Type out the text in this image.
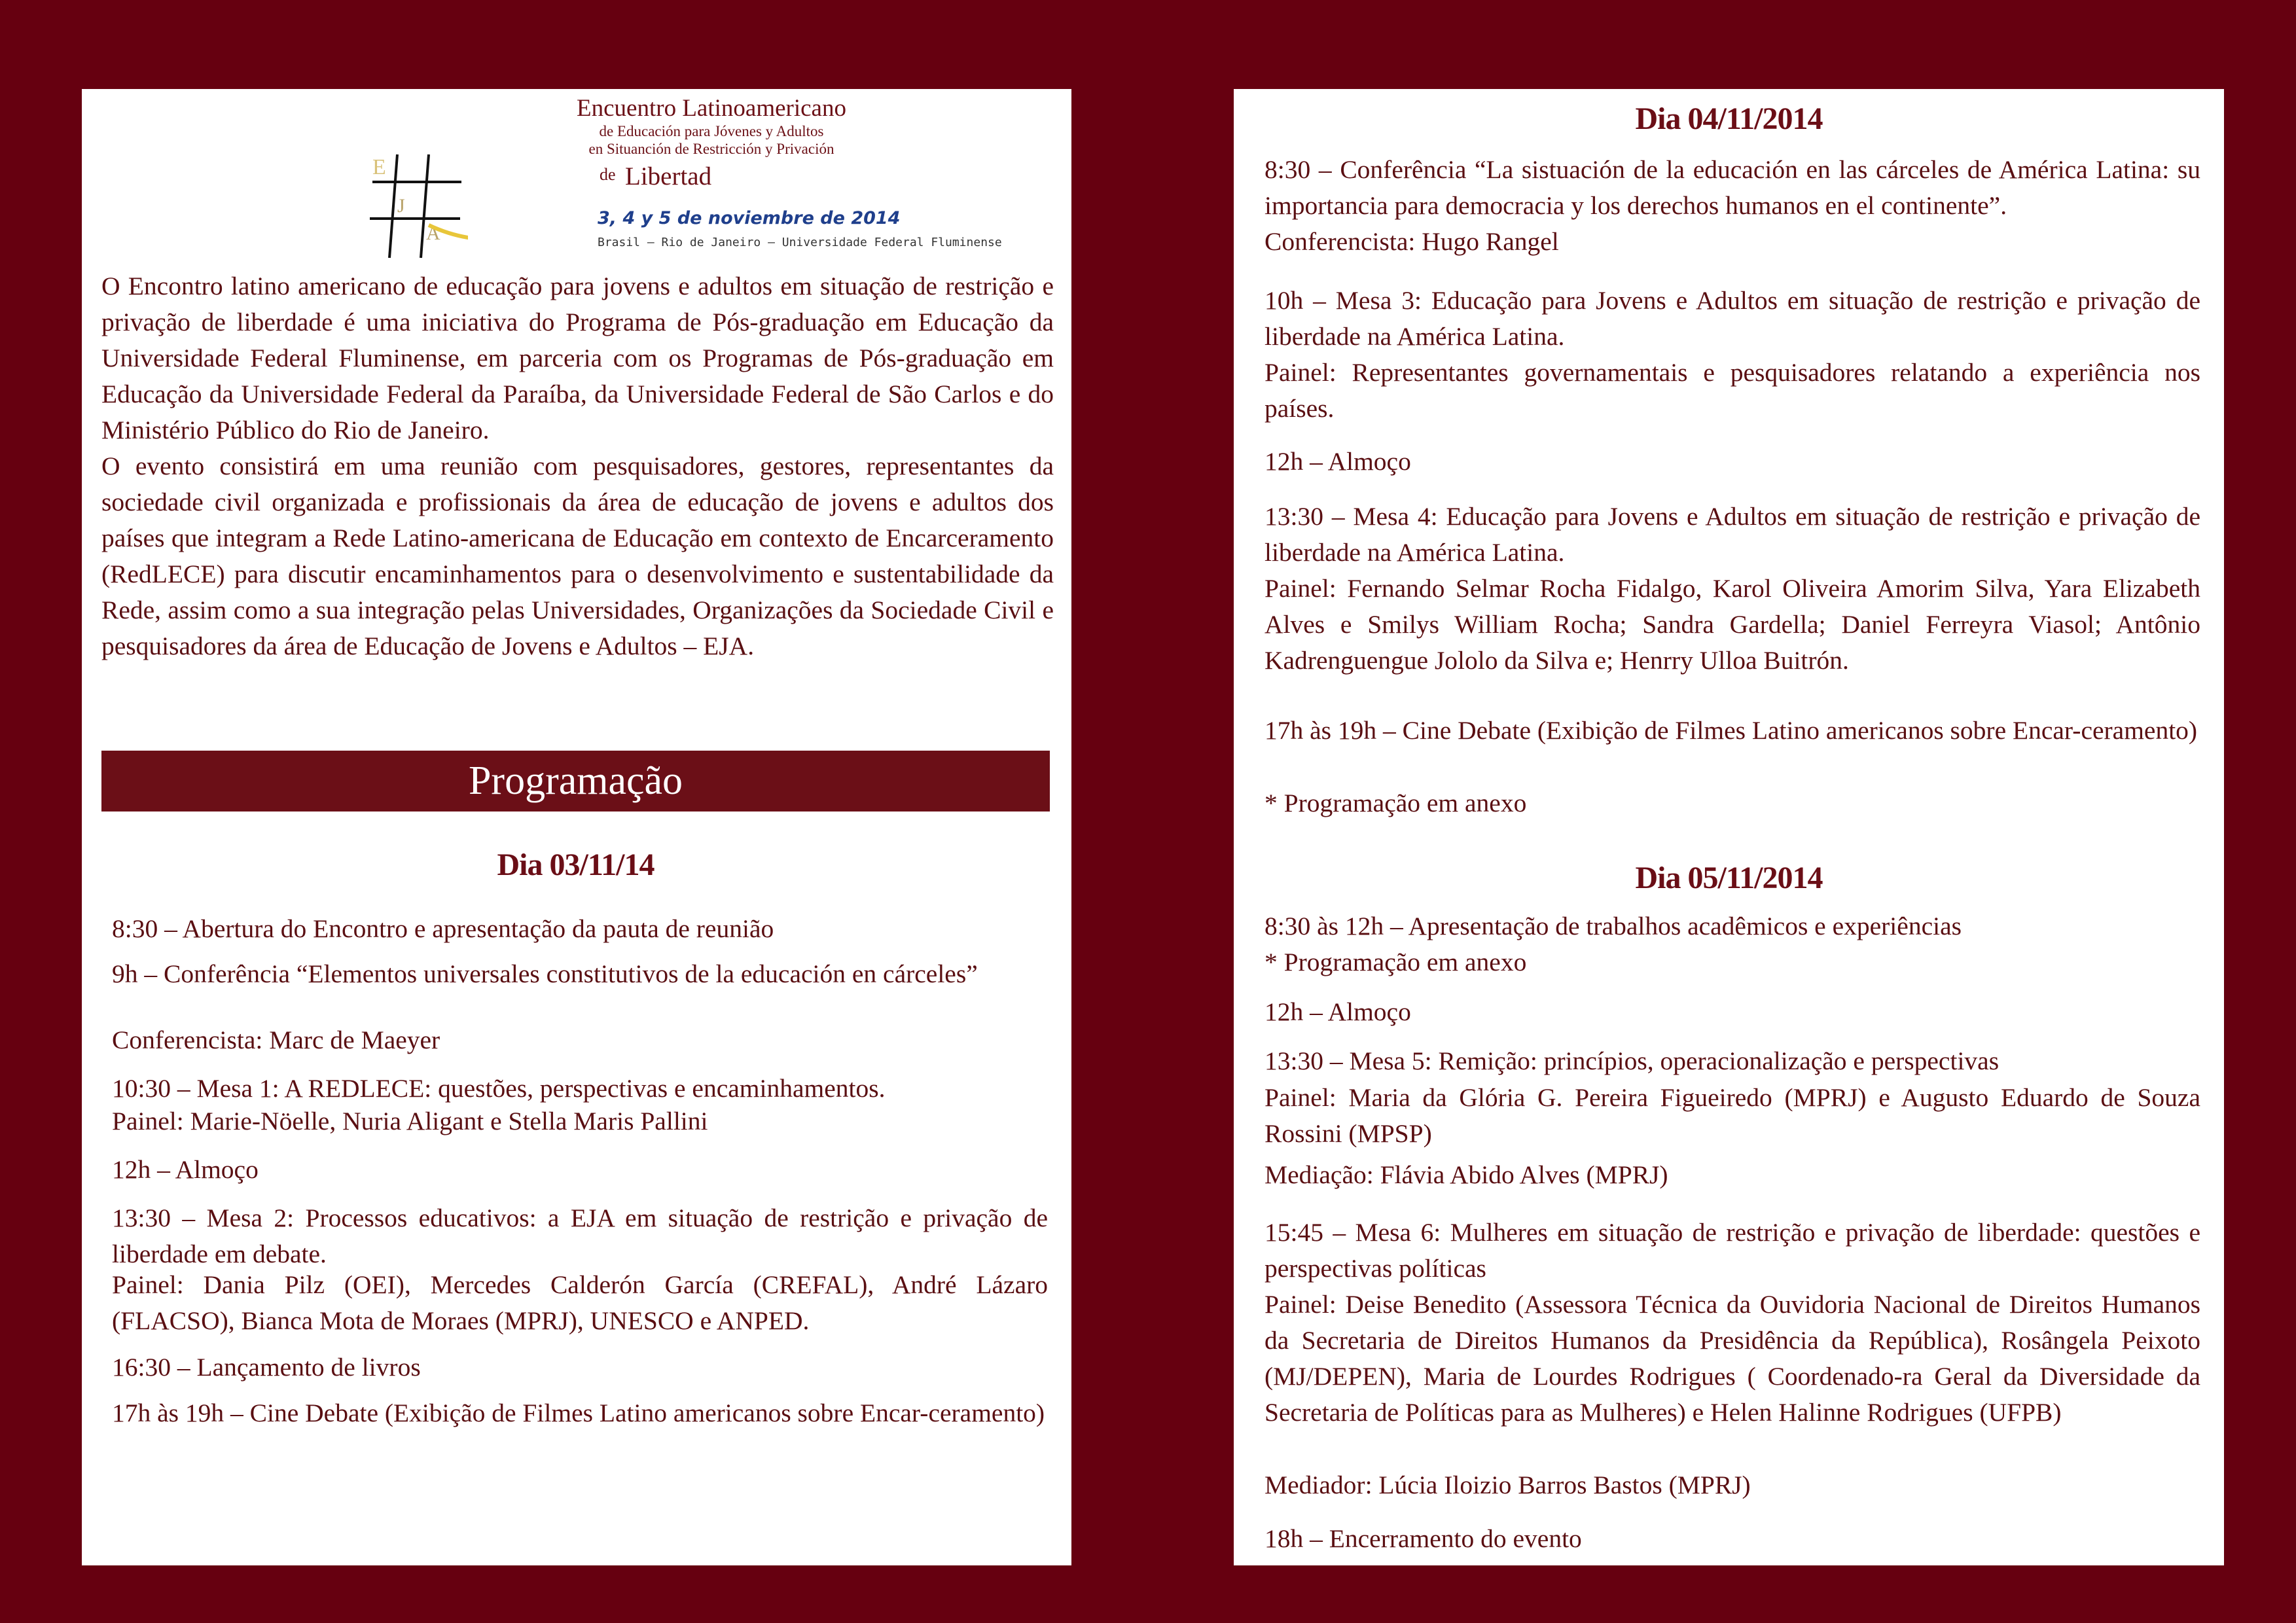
E
J
A
Encuentro Latinoamericano
de Educación para Jóvenes y Adultos
en Situanción de Restricción y Privación
de Libertad
3, 4 y 5 de noviembre de 2014
Brasil – Rio de Janeiro – Universidade Federal Fluminense

O Encontro latino americano de educação para jovens e adultos em situação de restrição e privação de liberdade é uma iniciativa do Programa de Pós-graduação em Educação da Universidade Federal Fluminense, em parceria com os Programas de Pós-graduação em Educação da Universidade Federal da Paraíba, da Universidade Federal de São Carlos e do Ministério Público do Rio de Janeiro.

O evento consistirá em uma reunião com pesquisadores, gestores, representantes da sociedade civil organizada e profissionais da área de educação de jovens e adultos dos países que integram a Rede Latino-americana de Educação em contexto de Encarceramento (RedLECE) para discutir encaminhamentos para o desenvolvimento e sustentabilidade da Rede, assim como a sua integração pelas Universidades, Organizações da Sociedade Civil e pesquisadores da área de Educação de Jovens e Adultos – EJA.

Programação
Dia 03/11/14

8:30 – Abertura do Encontro e apresentação da pauta de reunião

9h – Conferência “Elementos universales constitutivos de la educación en cárceles”

Conferencista: Marc de Maeyer

10:30 – Mesa 1: A REDLECE: questões, perspectivas e encaminhamentos.

Painel: Marie-Nöelle, Nuria Aligant e Stella Maris Pallini

12h – Almoço

13:30 – Mesa 2: Processos educativos: a EJA em situação de restrição e privação de liberdade em debate.

Painel: Dania Pilz (OEI), Mercedes Calderón García (CREFAL), André Lázaro (FLACSO), Bianca Mota de Moraes (MPRJ), UNESCO e ANPED.

16:30 – Lançamento de livros

17h às 19h – Cine Debate (Exibição de Filmes Latino americanos sobre Encar-ceramento)

Dia 04/11/2014

8:30 – Conferência “La sistuación de la educación en las cárceles de América Latina: su importancia para democracia y los derechos humanos en el continente”.

Conferencista: Hugo Rangel

10h – Mesa 3: Educação para Jovens e Adultos em situação de restrição e privação de liberdade na América Latina.

Painel: Representantes governamentais e pesquisadores relatando a experiência nos países.

12h – Almoço

13:30 – Mesa 4: Educação para Jovens e Adultos em situação de restrição e privação de liberdade na América Latina.

Painel: Fernando Selmar Rocha Fidalgo, Karol Oliveira Amorim Silva, Yara Elizabeth Alves e Smilys William Rocha; Sandra Gardella; Daniel Ferreyra Viasol; Antônio Kadrenguengue Jololo da Silva e; Henrry Ulloa Buitrón.

17h às 19h – Cine Debate (Exibição de Filmes Latino americanos sobre Encar-ceramento)

* Programação em anexo

Dia 05/11/2014

8:30 às 12h – Apresentação de trabalhos acadêmicos e experiências

* Programação em anexo

12h – Almoço

13:30 – Mesa 5: Remição: princípios, operacionalização e perspectivas

Painel: Maria da Glória G. Pereira Figueiredo (MPRJ) e Augusto Eduardo de Souza Rossini (MPSP)

Mediação: Flávia Abido Alves (MPRJ)

15:45 – Mesa 6: Mulheres em situação de restrição e privação de liberdade: questões e perspectivas políticas

Painel: Deise Benedito (Assessora Técnica da Ouvidoria Nacional de Direitos Humanos da Secretaria de Direitos Humanos da Presidência da República), Rosângela Peixoto (MJ/DEPEN), Maria de Lourdes Rodrigues ( Coordenado-ra Geral da Diversidade da Secretaria de Políticas para as Mulheres) e Helen Halinne Rodrigues (UFPB)

Mediador: Lúcia Iloizio Barros Bastos (MPRJ)

18h – Encerramento do evento
